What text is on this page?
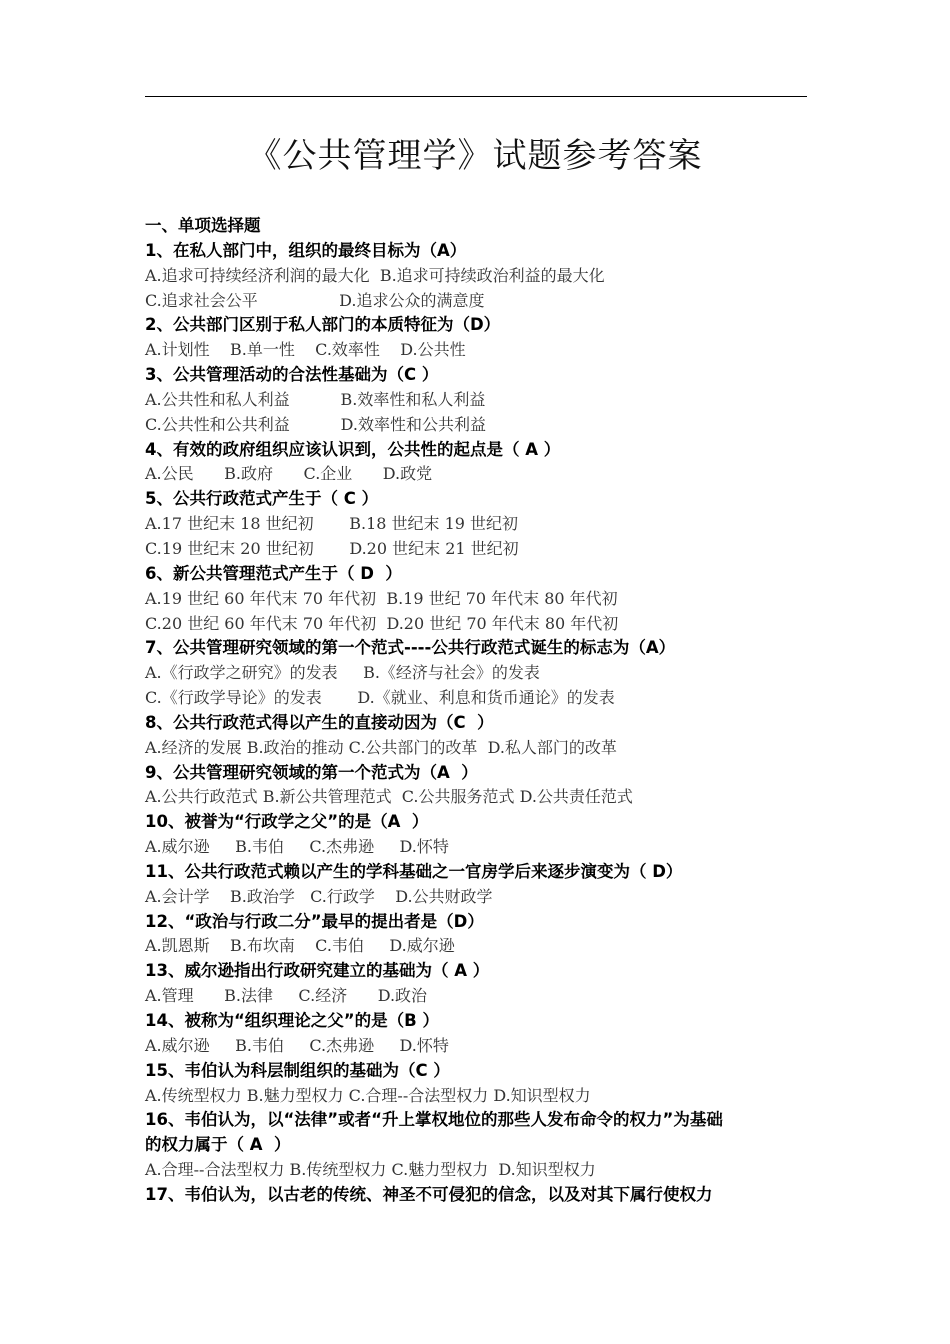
《公共管理学》试题参考答案
一、单项选择题
1、在私人部门中，组织的最终目标为（A）
A.追求可持续经济利润的最大化  B.追求可持续政治利益的最大化
C.追求社会公平                D.追求公众的满意度
2、公共部门区别于私人部门的本质特征为（D）
A.计划性    B.单一性    C.效率性    D.公共性
3、公共管理活动的合法性基础为（C ）
A.公共性和私人利益          B.效率性和私人利益
C.公共性和公共利益          D.效率性和公共利益
4、有效的政府组织应该认识到，公共性的起点是（ A ）
A.公民      B.政府      C.企业      D.政党
5、公共行政范式产生于（ C ）
A.17 世纪末 18 世纪初       B.18 世纪末 19 世纪初
C.19 世纪末 20 世纪初       D.20 世纪末 21 世纪初
6、新公共管理范式产生于（ D  ）
A.19 世纪 60 年代末 70 年代初  B.19 世纪 70 年代末 80 年代初
C.20 世纪 60 年代末 70 年代初  D.20 世纪 70 年代末 80 年代初
7、公共管理研究领域的第一个范式----公共行政范式诞生的标志为（A）
A.《行政学之研究》的发表     B.《经济与社会》的发表
C.《行政学导论》的发表       D.《就业、利息和货币通论》的发表
8、公共行政范式得以产生的直接动因为（C  ）
A.经济的发展 B.政治的推动 C.公共部门的改革  D.私人部门的改革
9、公共管理研究领域的第一个范式为（A  ）
A.公共行政范式 B.新公共管理范式  C.公共服务范式 D.公共责任范式
10、被誉为“行政学之父”的是（A  ）
A.威尔逊     B.韦伯     C.杰弗逊     D.怀特
11、公共行政范式赖以产生的学科基础之一官房学后来逐步演变为（ D）
A.会计学    B.政治学   C.行政学    D.公共财政学
12、“政治与行政二分”最早的提出者是（D）
A.凯恩斯    B.布坎南    C.韦伯     D.威尔逊
13、威尔逊指出行政研究建立的基础为（ A ）
A.管理      B.法律     C.经济      D.政治
14、被称为“组织理论之父”的是（B ）
A.威尔逊     B.韦伯     C.杰弗逊     D.怀特
15、韦伯认为科层制组织的基础为（C ）
A.传统型权力 B.魅力型权力 C.合理--合法型权力 D.知识型权力
16、韦伯认为，以“法律”或者“升上掌权地位的那些人发布命令的权力”为基础
的权力属于（ A  ）
A.合理--合法型权力 B.传统型权力 C.魅力型权力  D.知识型权力
17、韦伯认为，以古老的传统、神圣不可侵犯的信念，以及对其下属行使权力
